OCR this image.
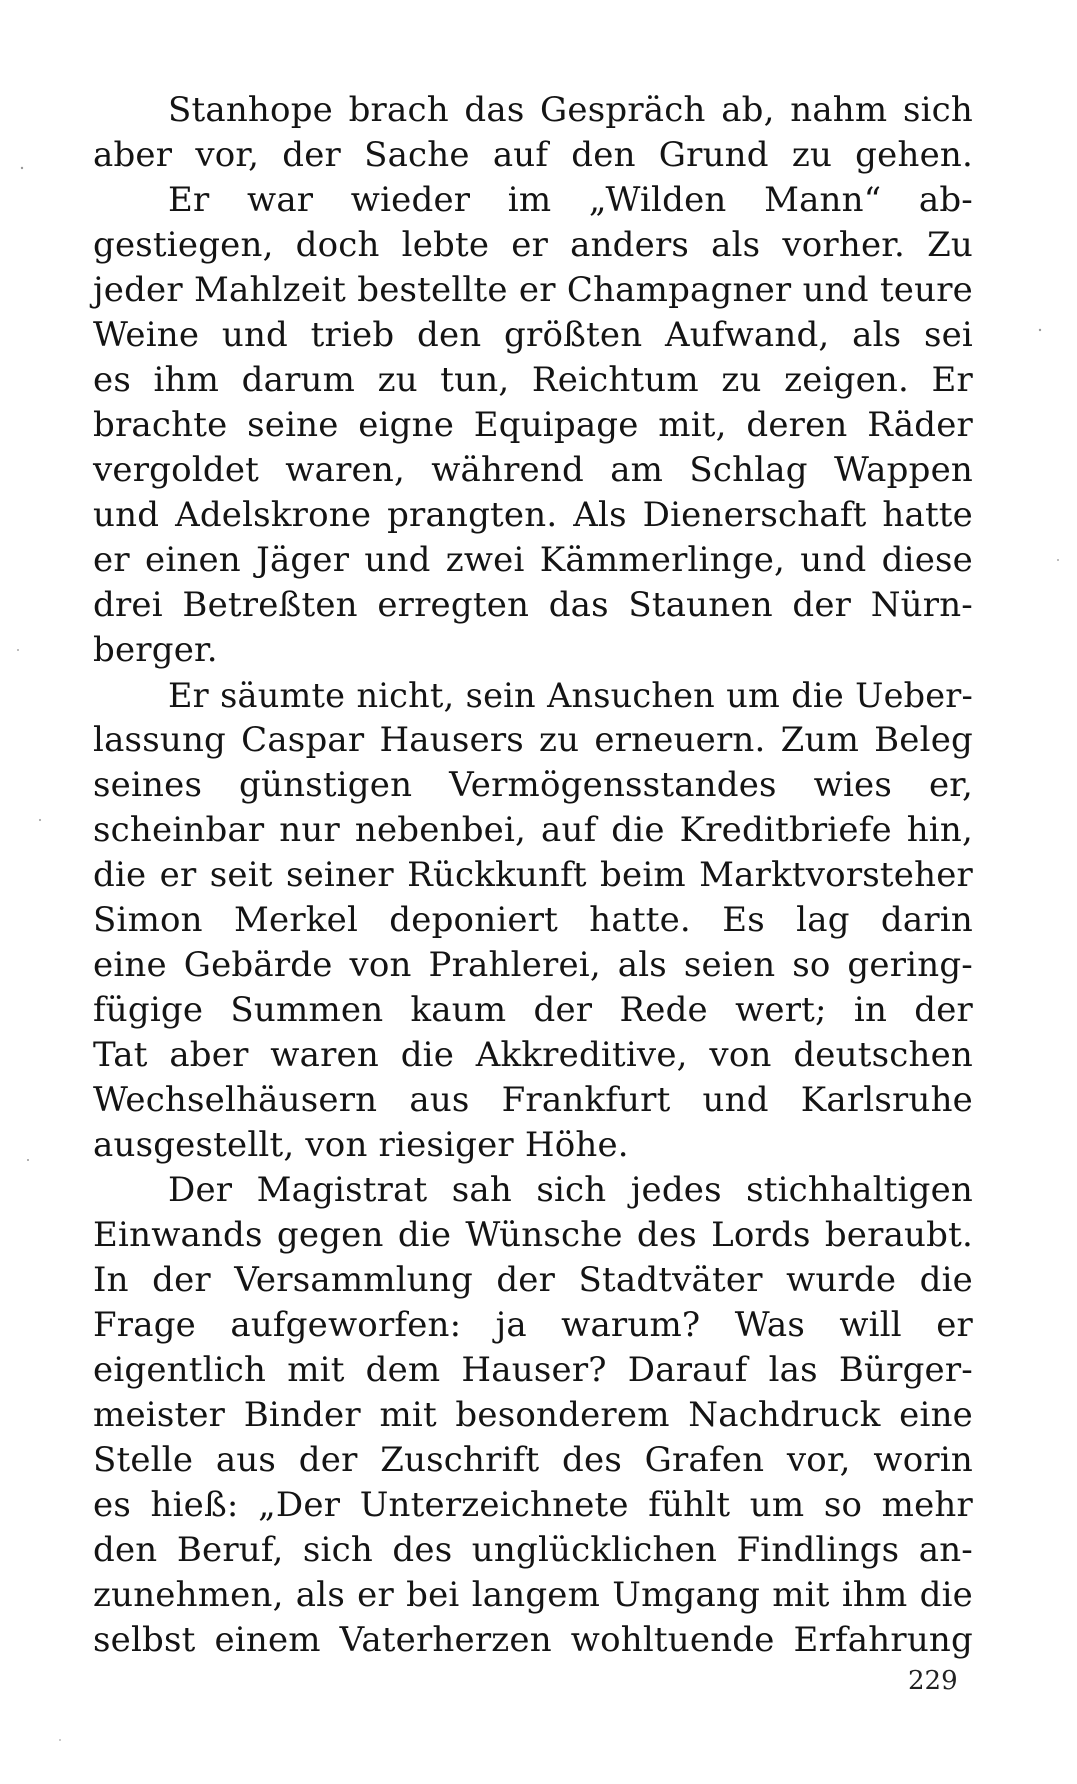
Stanhope brach das Gespräch ab, nahm sich
aber vor, der Sache auf den Grund zu gehen.
Er war wieder im „Wilden Mann“ ab-
gestiegen, doch lebte er anders als vorher. Zu
jeder Mahlzeit bestellte er Champagner und teure
Weine und trieb den größten Aufwand, als sei
es ihm darum zu tun, Reichtum zu zeigen. Er
brachte seine eigne Equipage mit, deren Räder
vergoldet waren, während am Schlag Wappen
und Adelskrone prangten. Als Dienerschaft hatte
er einen Jäger und zwei Kämmerlinge, und diese
drei Betreßten erregten das Staunen der Nürn-
berger.
Er säumte nicht, sein Ansuchen um die Ueber-
lassung Caspar Hausers zu erneuern. Zum Beleg
seines günstigen Vermögensstandes wies er,
scheinbar nur nebenbei, auf die Kreditbriefe hin,
die er seit seiner Rückkunft beim Marktvorsteher
Simon Merkel deponiert hatte. Es lag darin
eine Gebärde von Prahlerei, als seien so gering-
fügige Summen kaum der Rede wert; in der
Tat aber waren die Akkreditive, von deutschen
Wechselhäusern aus Frankfurt und Karlsruhe
ausgestellt, von riesiger Höhe.
Der Magistrat sah sich jedes stichhaltigen
Einwands gegen die Wünsche des Lords beraubt.
In der Versammlung der Stadtväter wurde die
Frage aufgeworfen: ja warum? Was will er
eigentlich mit dem Hauser? Darauf las Bürger-
meister Binder mit besonderem Nachdruck eine
Stelle aus der Zuschrift des Grafen vor, worin
es hieß: „Der Unterzeichnete fühlt um so mehr
den Beruf, sich des unglücklichen Findlings an-
zunehmen, als er bei langem Umgang mit ihm die
selbst einem Vaterherzen wohltuende Erfahrung
229
